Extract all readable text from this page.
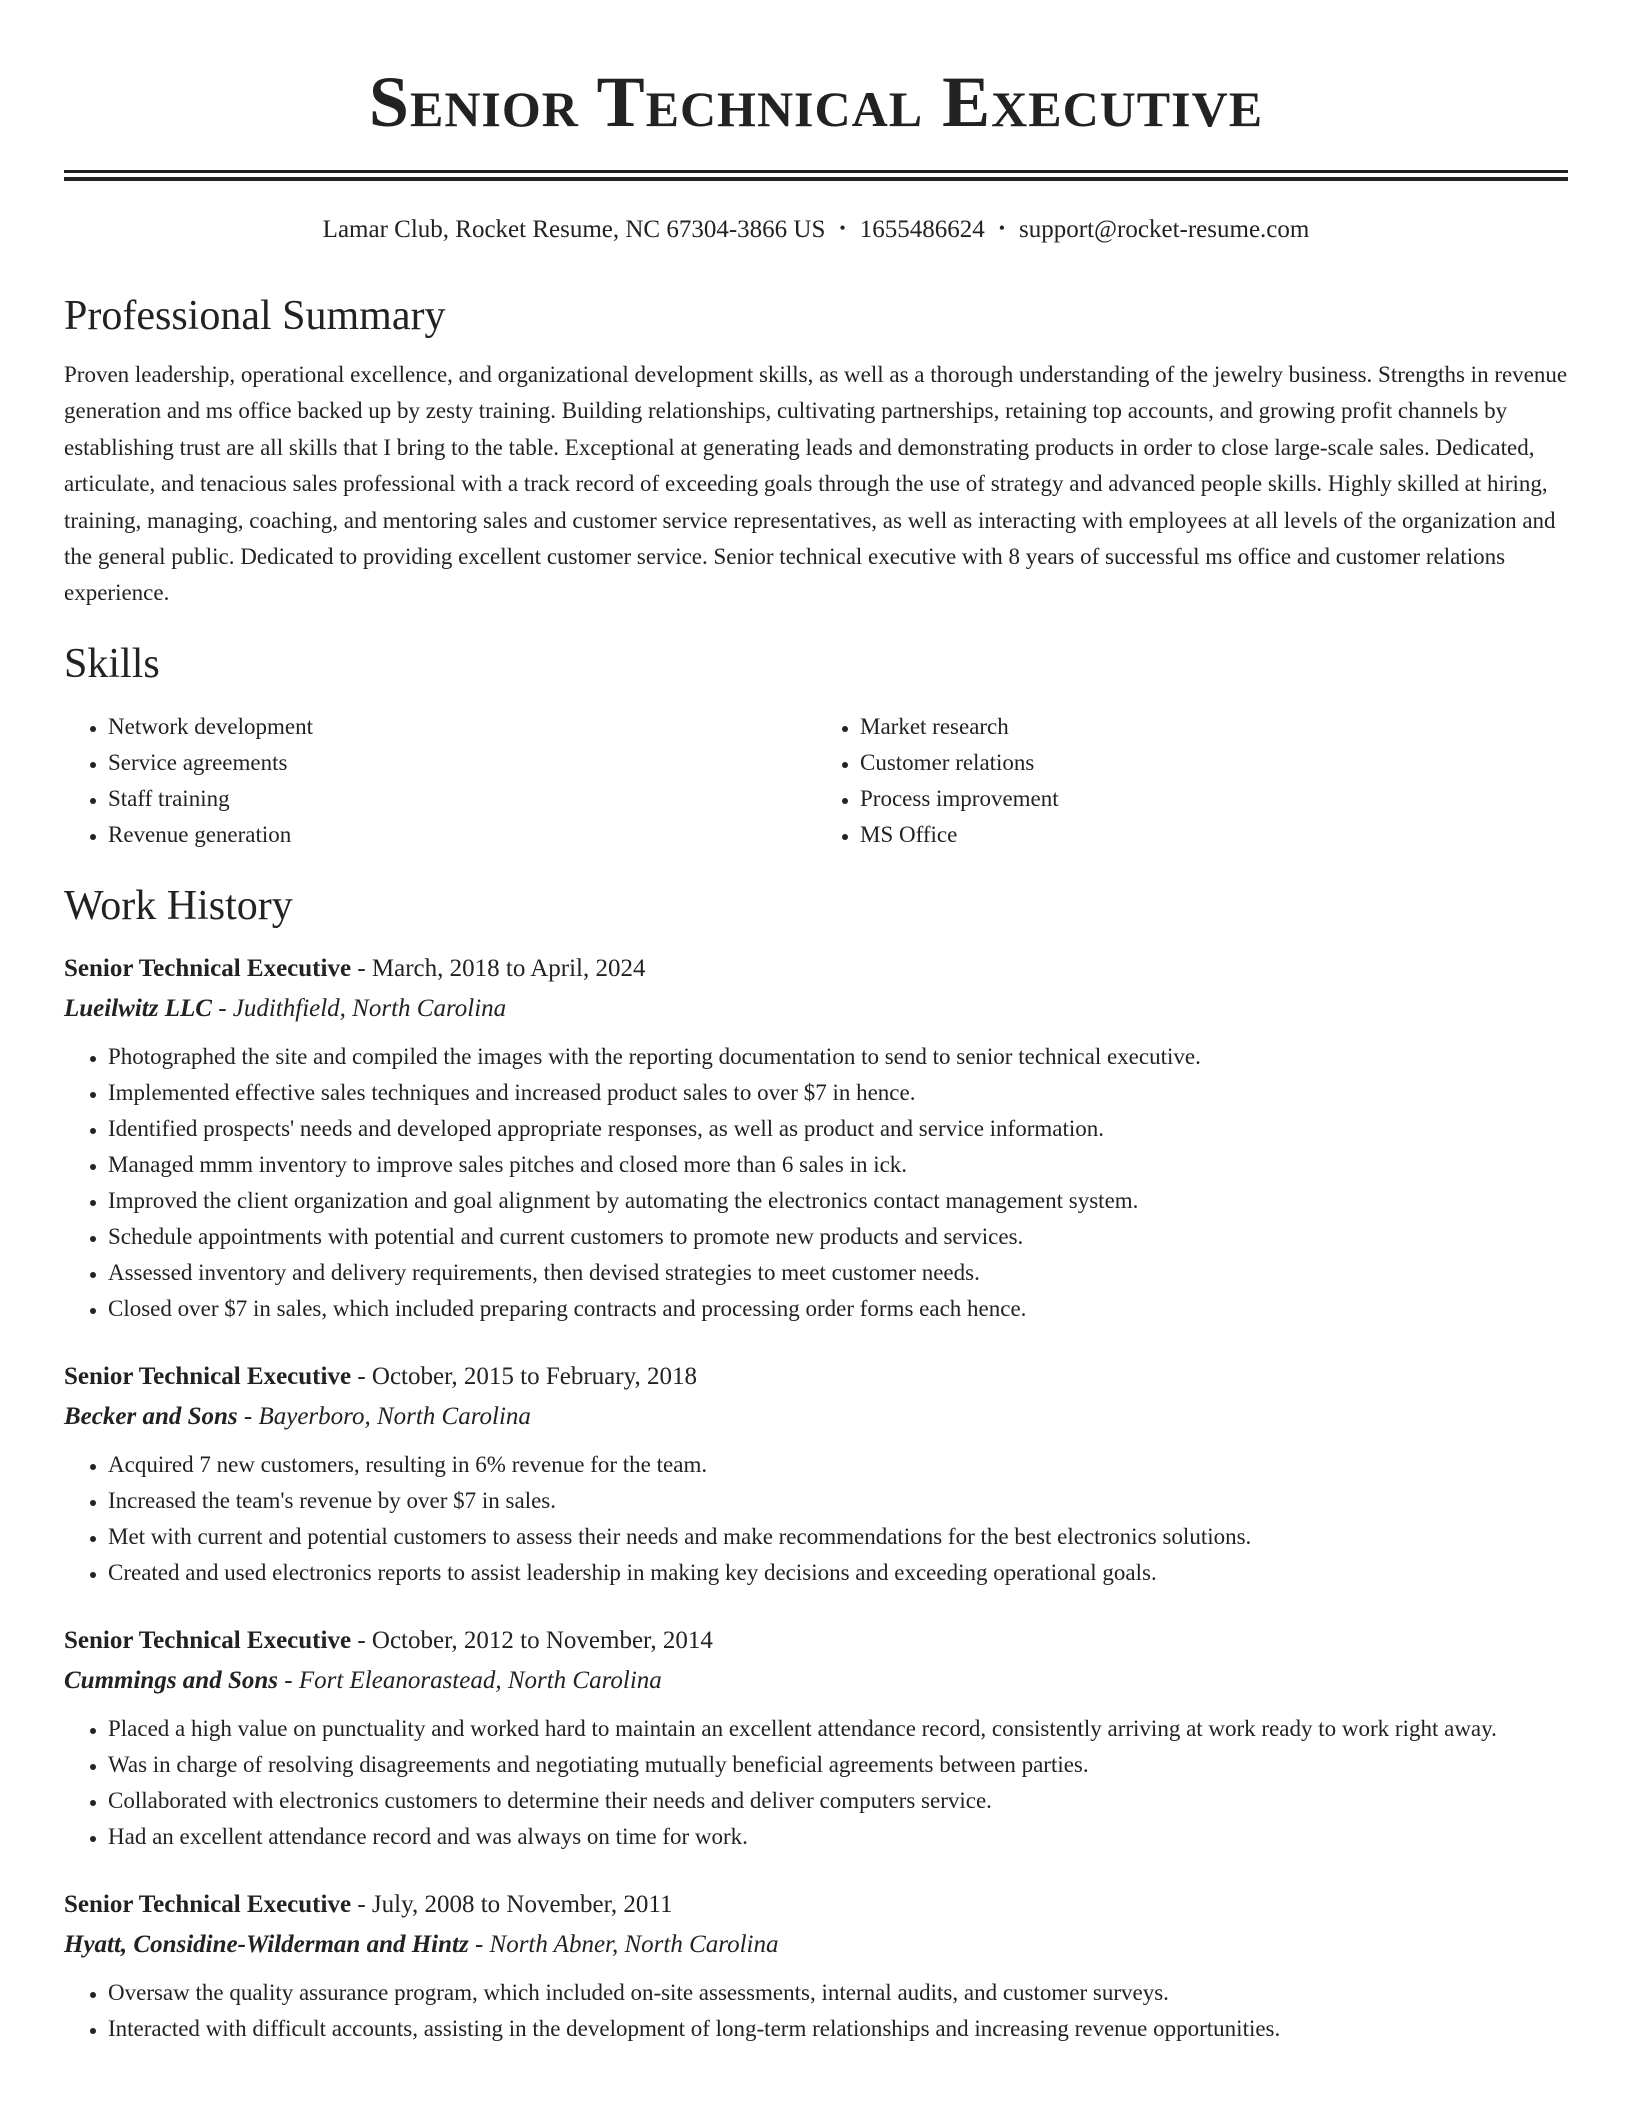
Senior Technical Executive
Lamar Club, Rocket Resume, NC 67304-3866 US • 1655486624 • support@rocket-resume.com
Professional Summary
Proven leadership, operational excellence, and organizational development skills, as well as a thorough understanding of the jewelry business. Strengths in revenue generation and ms office backed up by zesty training. Building relationships, cultivating partnerships, retaining top accounts, and growing profit channels by establishing trust are all skills that I bring to the table. Exceptional at generating leads and demonstrating products in order to close large-scale sales. Dedicated, articulate, and tenacious sales professional with a track record of exceeding goals through the use of strategy and advanced people skills. Highly skilled at hiring, training, managing, coaching, and mentoring sales and customer service representatives, as well as interacting with employees at all levels of the organization and the general public. Dedicated to providing excellent customer service. Senior technical executive with 8 years of successful ms office and customer relations experience.
Skills
• Network development
• Service agreements
• Staff training
• Revenue generation
• Market research
• Customer relations
• Process improvement
• MS Office
Work History
Senior Technical Executive - March, 2018 to April, 2024
Lueilwitz LLC - Judithfield, North Carolina
• Photographed the site and compiled the images with the reporting documentation to send to senior technical executive.
• Implemented effective sales techniques and increased product sales to over $7 in hence.
• Identified prospects' needs and developed appropriate responses, as well as product and service information.
• Managed mmm inventory to improve sales pitches and closed more than 6 sales in ick.
• Improved the client organization and goal alignment by automating the electronics contact management system.
• Schedule appointments with potential and current customers to promote new products and services.
• Assessed inventory and delivery requirements, then devised strategies to meet customer needs.
• Closed over $7 in sales, which included preparing contracts and processing order forms each hence.
Senior Technical Executive - October, 2015 to February, 2018
Becker and Sons - Bayerboro, North Carolina
• Acquired 7 new customers, resulting in 6% revenue for the team.
• Increased the team's revenue by over $7 in sales.
• Met with current and potential customers to assess their needs and make recommendations for the best electronics solutions.
• Created and used electronics reports to assist leadership in making key decisions and exceeding operational goals.
Senior Technical Executive - October, 2012 to November, 2014
Cummings and Sons - Fort Eleanorastead, North Carolina
• Placed a high value on punctuality and worked hard to maintain an excellent attendance record, consistently arriving at work ready to work right away.
• Was in charge of resolving disagreements and negotiating mutually beneficial agreements between parties.
• Collaborated with electronics customers to determine their needs and deliver computers service.
• Had an excellent attendance record and was always on time for work.
Senior Technical Executive - July, 2008 to November, 2011
Hyatt, Considine-Wilderman and Hintz - North Abner, North Carolina
• Oversaw the quality assurance program, which included on-site assessments, internal audits, and customer surveys.
• Interacted with difficult accounts, assisting in the development of long-term relationships and increasing revenue opportunities.
